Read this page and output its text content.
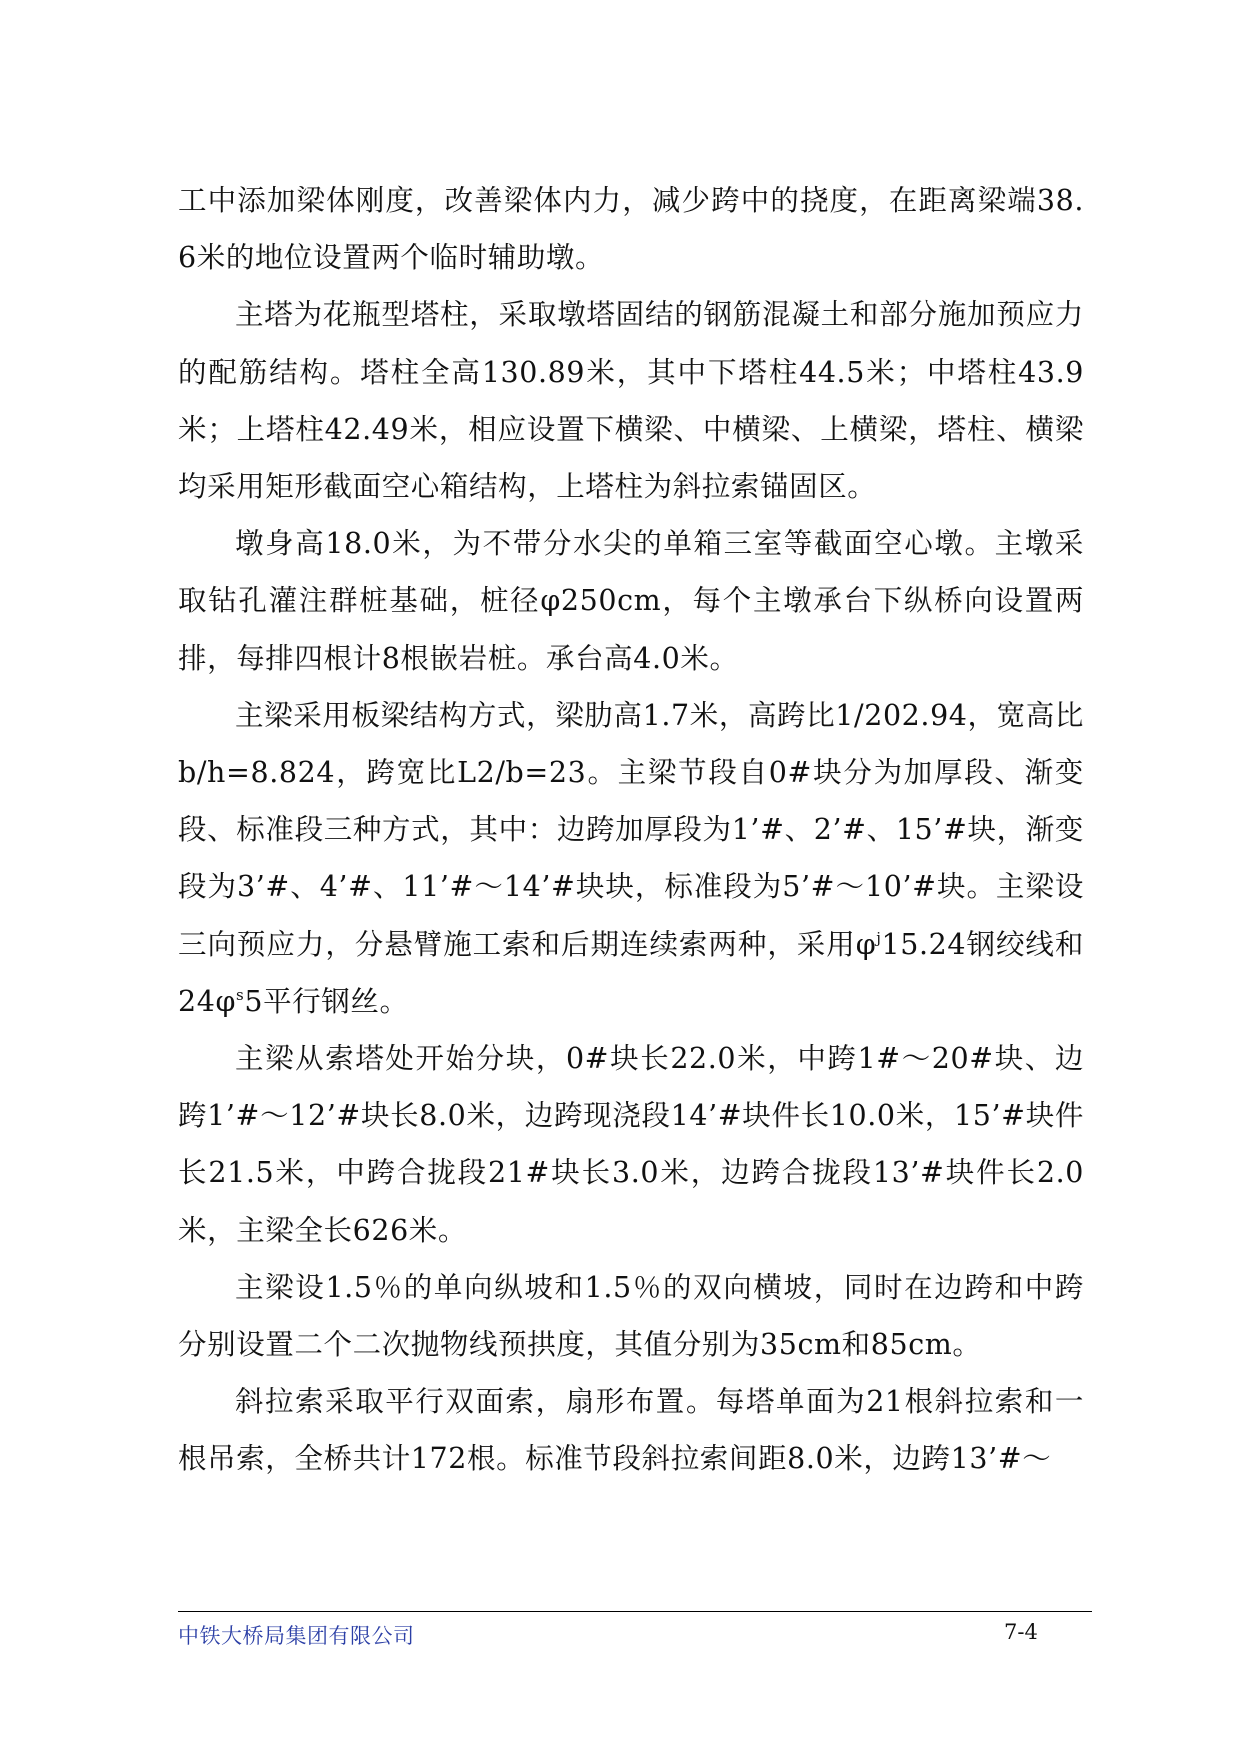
工中添加梁体刚度，改善梁体内力，减少跨中的挠度，在距离梁端38.6米的地位设置两个临时辅助墩。

主塔为花瓶型塔柱，采取墩塔固结的钢筋混凝土和部分施加预应力的配筋结构。塔柱全高130.89米，其中下塔柱44.5米；中塔柱43.9米；上塔柱42.49米，相应设置下横梁、中横梁、上横梁，塔柱、横梁均采用矩形截面空心箱结构，上塔柱为斜拉索锚固区。

墩身高18.0米，为不带分水尖的单箱三室等截面空心墩。主墩采取钻孔灌注群桩基础，桩径φ250cm，每个主墩承台下纵桥向设置两排，每排四根计8根嵌岩桩。承台高4.0米。

主梁采用板梁结构方式，梁肋高1.7米，高跨比1/202.94，宽高比b/h=8.824，跨宽比L2/b=23。主梁节段自0#块分为加厚段、渐变段、标准段三种方式，其中：边跨加厚段为1’#、2’#、15’#块，渐变段为3’#、4’#、11’#～14’#块块，标准段为5’#～10’#块。主梁设三向预应力，分悬臂施工索和后期连续索两种，采用$\varphi^j15.24$钢绞线和$24\varphi^s5$平行钢丝。

主梁从索塔处开始分块，0#块长22.0米，中跨1#～20#块、边跨1’#～12’#块长8.0米，边跨现浇段14’#块件长10.0米，15’#块件长21.5米，中跨合拢段21#块长3.0米，边跨合拢段13’#块件长2.0米，主梁全长626米。

主梁设1.5％的单向纵坡和1.5％的双向横坡，同时在边跨和中跨分别设置二个二次抛物线预拱度，其值分别为35cm和85cm。

斜拉索采取平行双面索，扇形布置。每塔单面为21根斜拉索和一根吊索，全桥共计172根。标准节段斜拉索间距8.0米，边跨13’#～

中铁大桥局集团有限公司	7-4
